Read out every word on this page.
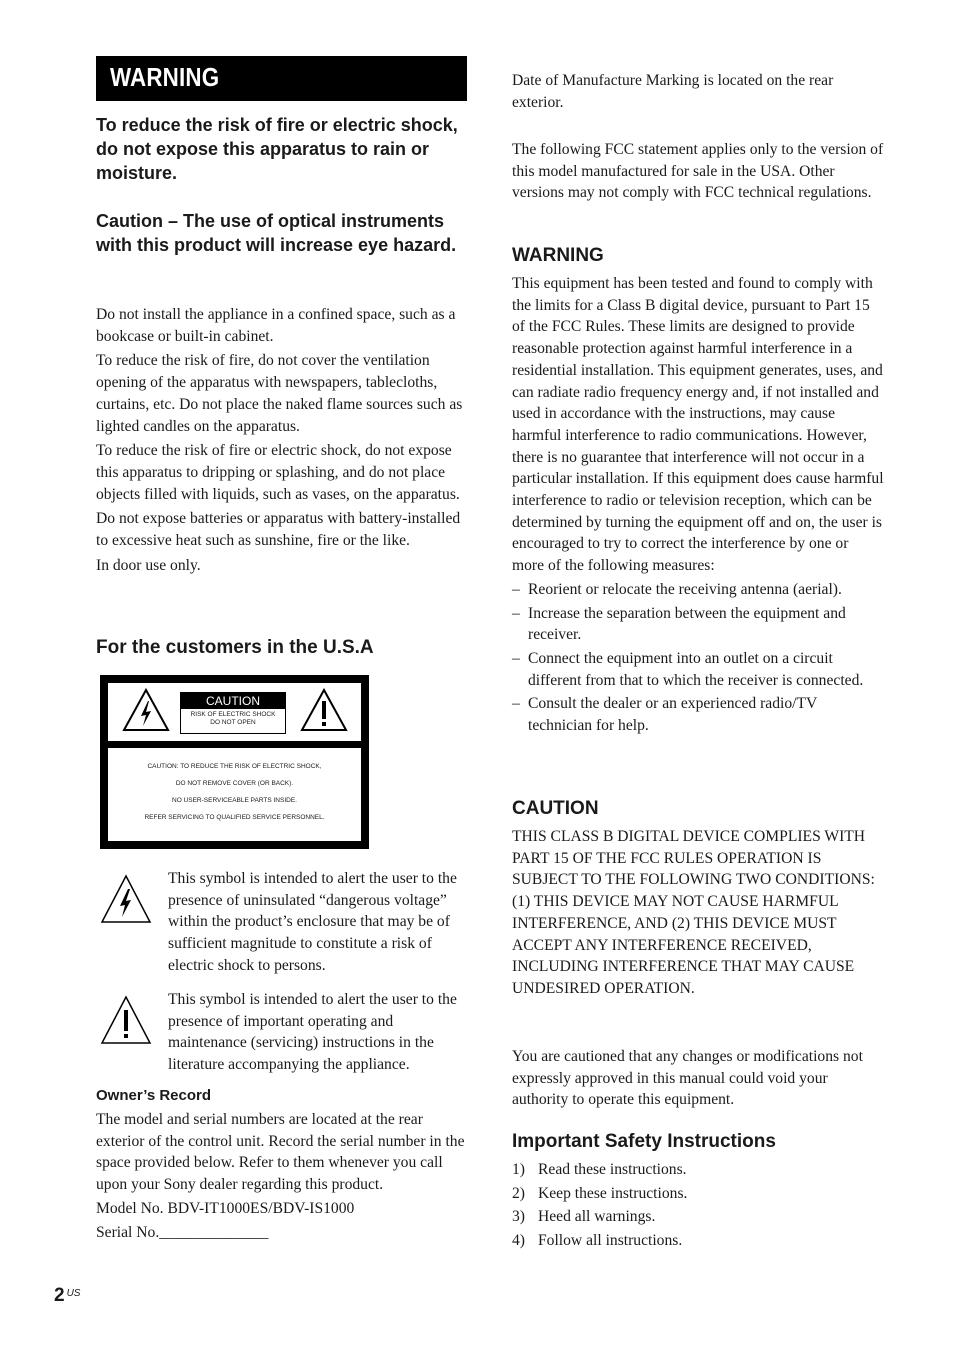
WARNING

To reduce the risk of fire or electric shock, do not expose this apparatus to rain or moisture.

Caution – The use of optical instruments with this product will increase eye hazard.

Do not install the appliance in a confined space, such as a bookcase or built-in cabinet.

To reduce the risk of fire, do not cover the ventilation opening of the apparatus with newspapers, tablecloths, curtains, etc. Do not place the naked flame sources such as lighted candles on the apparatus.

To reduce the risk of fire or electric shock, do not expose this apparatus to dripping or splashing, and do not place objects filled with liquids, such as vases, on the apparatus.

Do not expose batteries or apparatus with battery-installed to excessive heat such as sunshine, fire or the like.

In door use only.

For the customers in the U.S.A

CAUTION
RISK OF ELECTRIC SHOCK
DO NOT OPEN
CAUTION: TO REDUCE THE RISK OF ELECTRIC SHOCK,
DO NOT REMOVE COVER (OR BACK).
NO USER-SERVICEABLE PARTS INSIDE.
REFER SERVICING TO QUALIFIED SERVICE PERSONNEL.

This symbol is intended to alert the user to the presence of uninsulated “dangerous voltage” within the product’s enclosure that may be of sufficient magnitude to constitute a risk of electric shock to persons.

This symbol is intended to alert the user to the presence of important operating and maintenance (servicing) instructions in the literature accompanying the appliance.

Owner’s Record

The model and serial numbers are located at the rear exterior of the control unit. Record the serial number in the space provided below. Refer to them whenever you call upon your Sony dealer regarding this product.

Model No. BDV-IT1000ES/BDV-IS1000

Serial No.______________

Date of Manufacture Marking is located on the rear exterior.

The following FCC statement applies only to the version of this model manufactured for sale in the USA. Other versions may not comply with FCC technical regulations.

WARNING

This equipment has been tested and found to comply with the limits for a Class B digital device, pursuant to Part 15 of the FCC Rules. These limits are designed to provide reasonable protection against harmful interference in a residential installation. This equipment generates, uses, and can radiate radio frequency energy and, if not installed and used in accordance with the instructions, may cause harmful interference to radio communications. However, there is no guarantee that interference will not occur in a particular installation. If this equipment does cause harmful interference to radio or television reception, which can be determined by turning the equipment off and on, the user is encouraged to try to correct the interference by one or more of the following measures:

– Reorient or relocate the receiving antenna (aerial).
– Increase the separation between the equipment and receiver.
– Connect the equipment into an outlet on a circuit different from that to which the receiver is connected.
– Consult the dealer or an experienced radio/TV technician for help.

CAUTION

THIS CLASS B DIGITAL DEVICE COMPLIES WITH PART 15 OF THE FCC RULES OPERATION IS SUBJECT TO THE FOLLOWING TWO CONDITIONS: (1) THIS DEVICE MAY NOT CAUSE HARMFUL INTERFERENCE, AND (2) THIS DEVICE MUST ACCEPT ANY INTERFERENCE RECEIVED, INCLUDING INTERFERENCE THAT MAY CAUSE UNDESIRED OPERATION.

You are cautioned that any changes or modifications not expressly approved in this manual could void your authority to operate this equipment.

Important Safety Instructions

1) Read these instructions.
2) Keep these instructions.
3) Heed all warnings.
4) Follow all instructions.
2 $^{US}$
